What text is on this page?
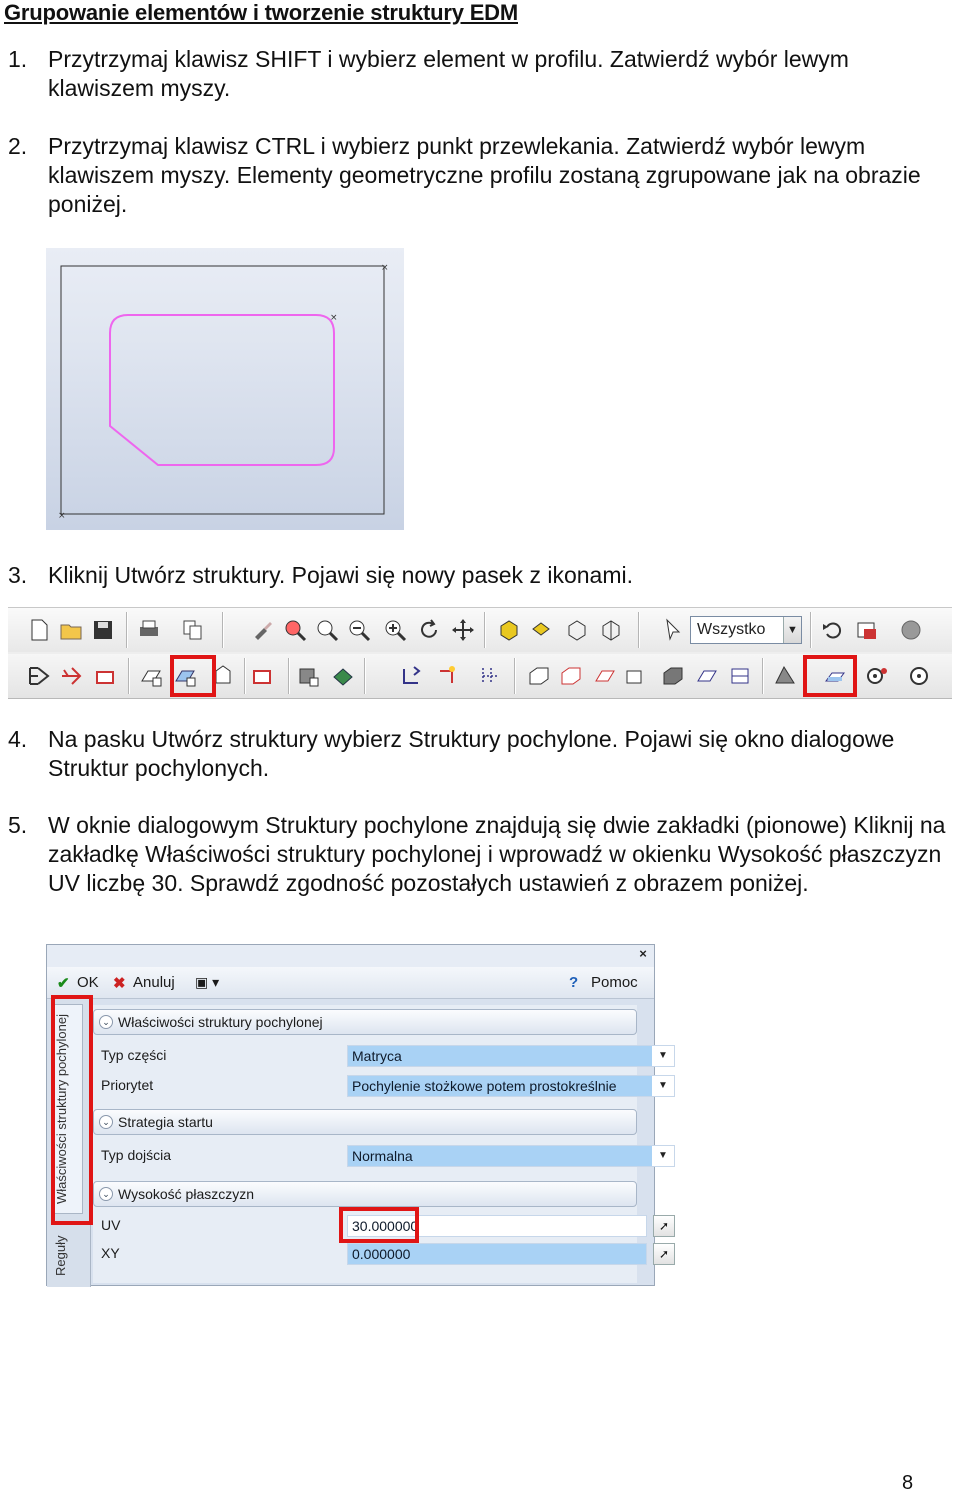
Grupowanie elementów i tworzenie struktury EDM
1. Przytrzymaj klawisz SHIFT i wybierz element w profilu. Zatwierdź wybór lewym klawiszem myszy.
2. Przytrzymaj klawisz CTRL i wybierz punkt przewlekania. Zatwierdź wybór lewym klawiszem myszy. Elementy geometryczne profilu zostaną zgrupowane jak na obrazie poniżej.
×
×
×
3. Kliknij Utwórz struktury. Pojawi się nowy pasek z ikonami.
Wszystko	▼
4. Na pasku Utwórz struktury wybierz Struktury pochylone. Pojawi się okno dialogowe Struktur pochylonych.
5. W oknie dialogowym Struktury pochylone znajdują się dwie zakładki (pionowe) Kliknij na zakładkę Właściwości struktury pochylonej i wprowadź w okienku Wysokość płaszczyzn UV liczbę 30. Sprawdź zgodność pozostałych ustawień z obrazem poniżej.
×
✔ OK ✖ Anuluj ▣ ▾	? Pomoc
Właściwości struktury pochylonej
Reguły
⌄ Właściwości struktury pochylonej
Typ części	Matryca	▼
Priorytet	Pochylenie stożkowe potem prostokreślnie	▼
⌄ Strategia startu
Typ dojścia	Normalna	▼
⌄ Wysokość płaszczyzn
UV	30.000000	➚
XY	0.000000	➚
8
